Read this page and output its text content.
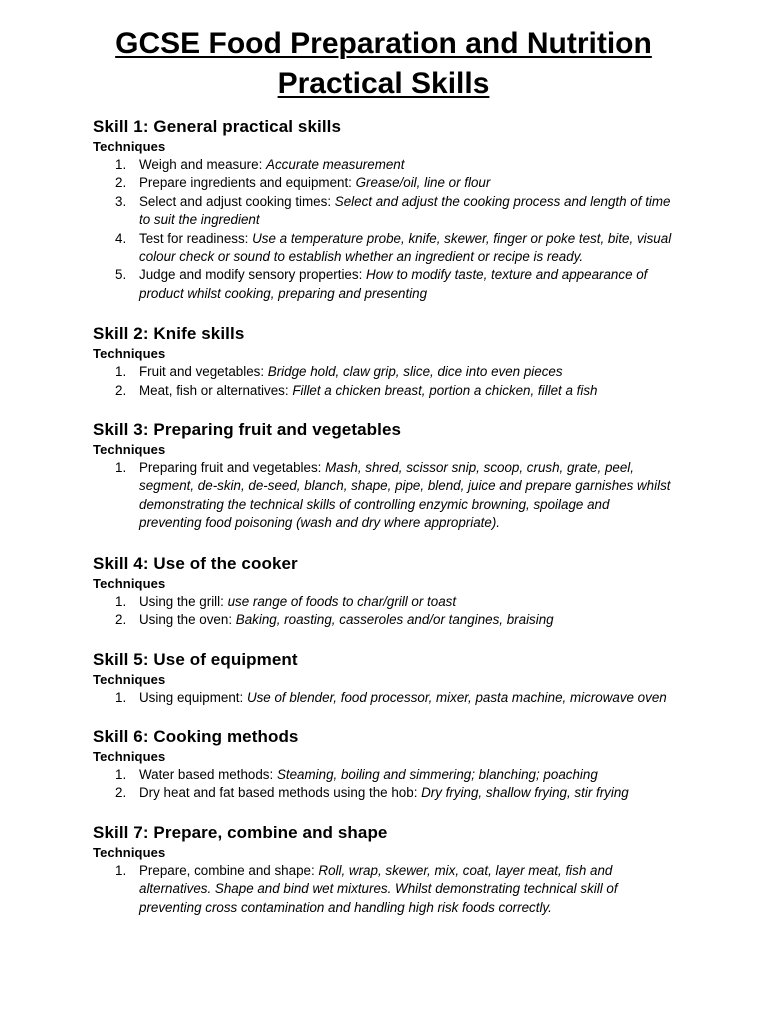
GCSE Food Preparation and Nutrition
Practical Skills
Skill 1: General practical skills
Techniques
1. Weigh and measure: Accurate measurement
2. Prepare ingredients and equipment: Grease/oil, line or flour
3. Select and adjust cooking times: Select and adjust the cooking process and length of time to suit the ingredient
4. Test for readiness: Use a temperature probe, knife, skewer, finger or poke test, bite, visual colour check or sound to establish whether an ingredient or recipe is ready.
5. Judge and modify sensory properties: How to modify taste, texture and appearance of product whilst cooking, preparing and presenting
Skill 2: Knife skills
Techniques
1. Fruit and vegetables: Bridge hold, claw grip, slice, dice into even pieces
2. Meat, fish or alternatives: Fillet a chicken breast, portion a chicken, fillet a fish
Skill 3: Preparing fruit and vegetables
Techniques
1. Preparing fruit and vegetables: Mash, shred, scissor snip, scoop, crush, grate, peel, segment, de-skin, de-seed, blanch, shape, pipe, blend, juice and prepare garnishes whilst demonstrating the technical skills of controlling enzymic browning, spoilage and preventing food poisoning (wash and dry where appropriate).
Skill 4: Use of the cooker
Techniques
1. Using the grill: use range of foods to char/grill or toast
2. Using the oven: Baking, roasting, casseroles and/or tangines, braising
Skill 5: Use of equipment
Techniques
1. Using equipment: Use of blender, food processor, mixer, pasta machine, microwave oven
Skill 6: Cooking methods
Techniques
1. Water based methods: Steaming, boiling and simmering; blanching; poaching
2. Dry heat and fat based methods using the hob: Dry frying, shallow frying, stir frying
Skill 7: Prepare, combine and shape
Techniques
1. Prepare, combine and shape: Roll, wrap, skewer, mix, coat, layer meat, fish and alternatives. Shape and bind wet mixtures. Whilst demonstrating technical skill of preventing cross contamination and handling high risk foods correctly.
